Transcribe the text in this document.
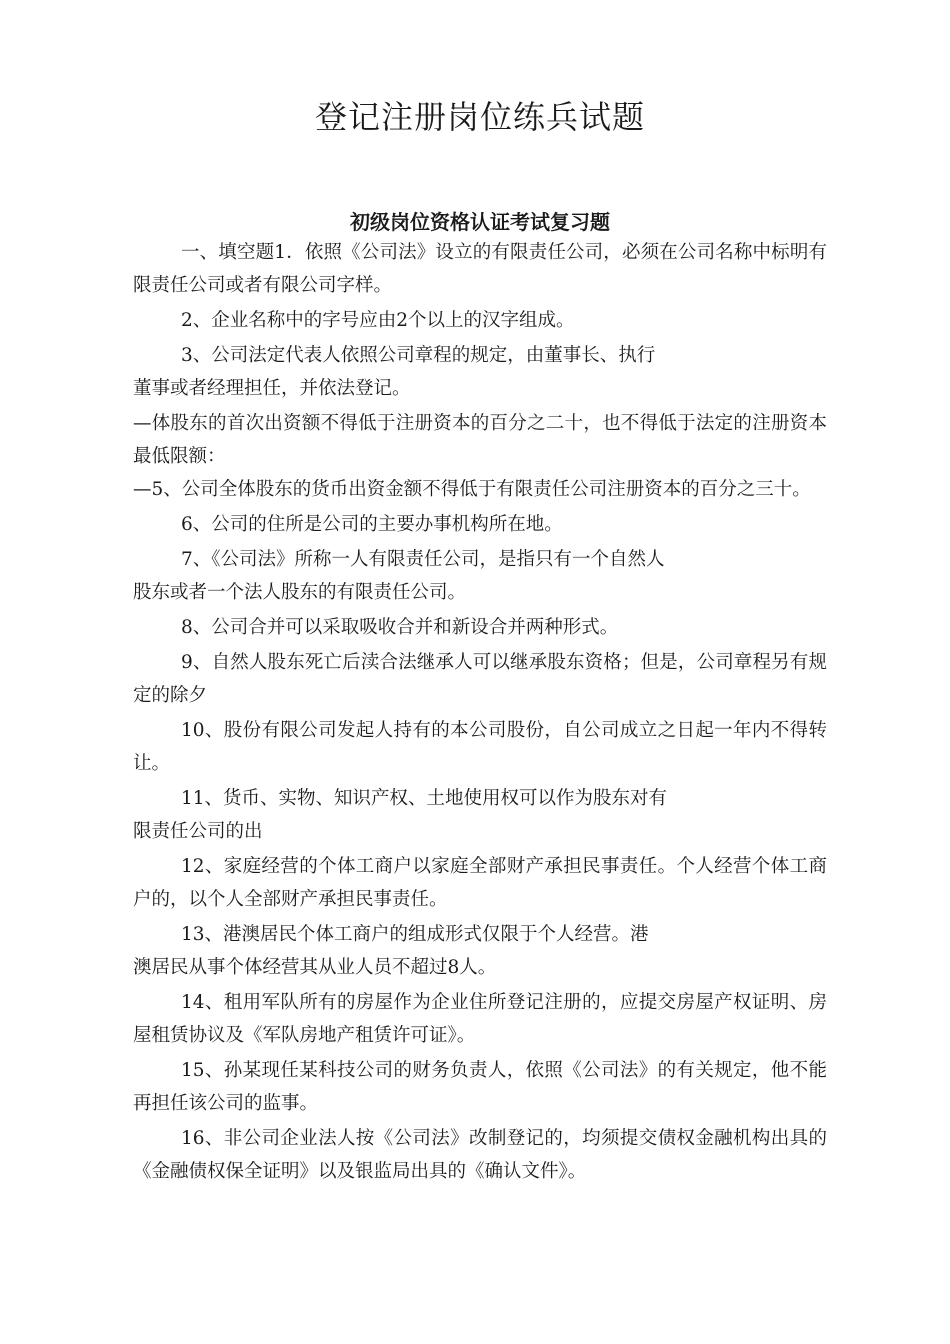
登记注册岗位练兵试题
初级岗位资格认证考试复习题

一、填空题1．依照《公司法》设立的有限责任公司，必须在公司名称中标明有限责任公司或者有限公司字样。

2、企业名称中的字号应由2个以上的汉字组成。

3、公司法定代表人依照公司章程的规定，由董事长、执行

董事或者经理担任，并依法登记。

—体股东的首次出资额不得低于注册资本的百分之二十，也不得低于法定的注册资本最低限额：

—5、公司全体股东的货币出资金额不得低于有限责任公司注册资本的百分之三十。

6、公司的住所是公司的主要办事机构所在地。

7、《公司法》所称一人有限责任公司，是指只有一个自然人

股东或者一个法人股东的有限责任公司。

8、公司合并可以采取吸收合并和新设合并两种形式。

9、自然人股东死亡后渎合法继承人可以继承股东资格；但是，公司章程另有规定的除夕

10、股份有限公司发起人持有的本公司股份，自公司成立之日起一年内不得转让。

11、货币、实物、知识产权、土地使用权可以作为股东对有

限责任公司的出

12、家庭经营的个体工商户以家庭全部财产承担民事责任。个人经营个体工商户的，以个人全部财产承担民事责任。

13、港澳居民个体工商户的组成形式仅限于个人经营。港

澳居民从事个体经营其从业人员不超过8人。

14、租用军队所有的房屋作为企业住所登记注册的，应提交房屋产权证明、房屋租赁协议及《军队房地产租赁许可证》。

15、孙某现任某科技公司的财务负责人，依照《公司法》的有关规定，他不能再担任该公司的监事。

16、非公司企业法人按《公司法》改制登记的，均须提交债权金融机构出具的《金融债权保全证明》以及银监局出具的《确认文件》。
